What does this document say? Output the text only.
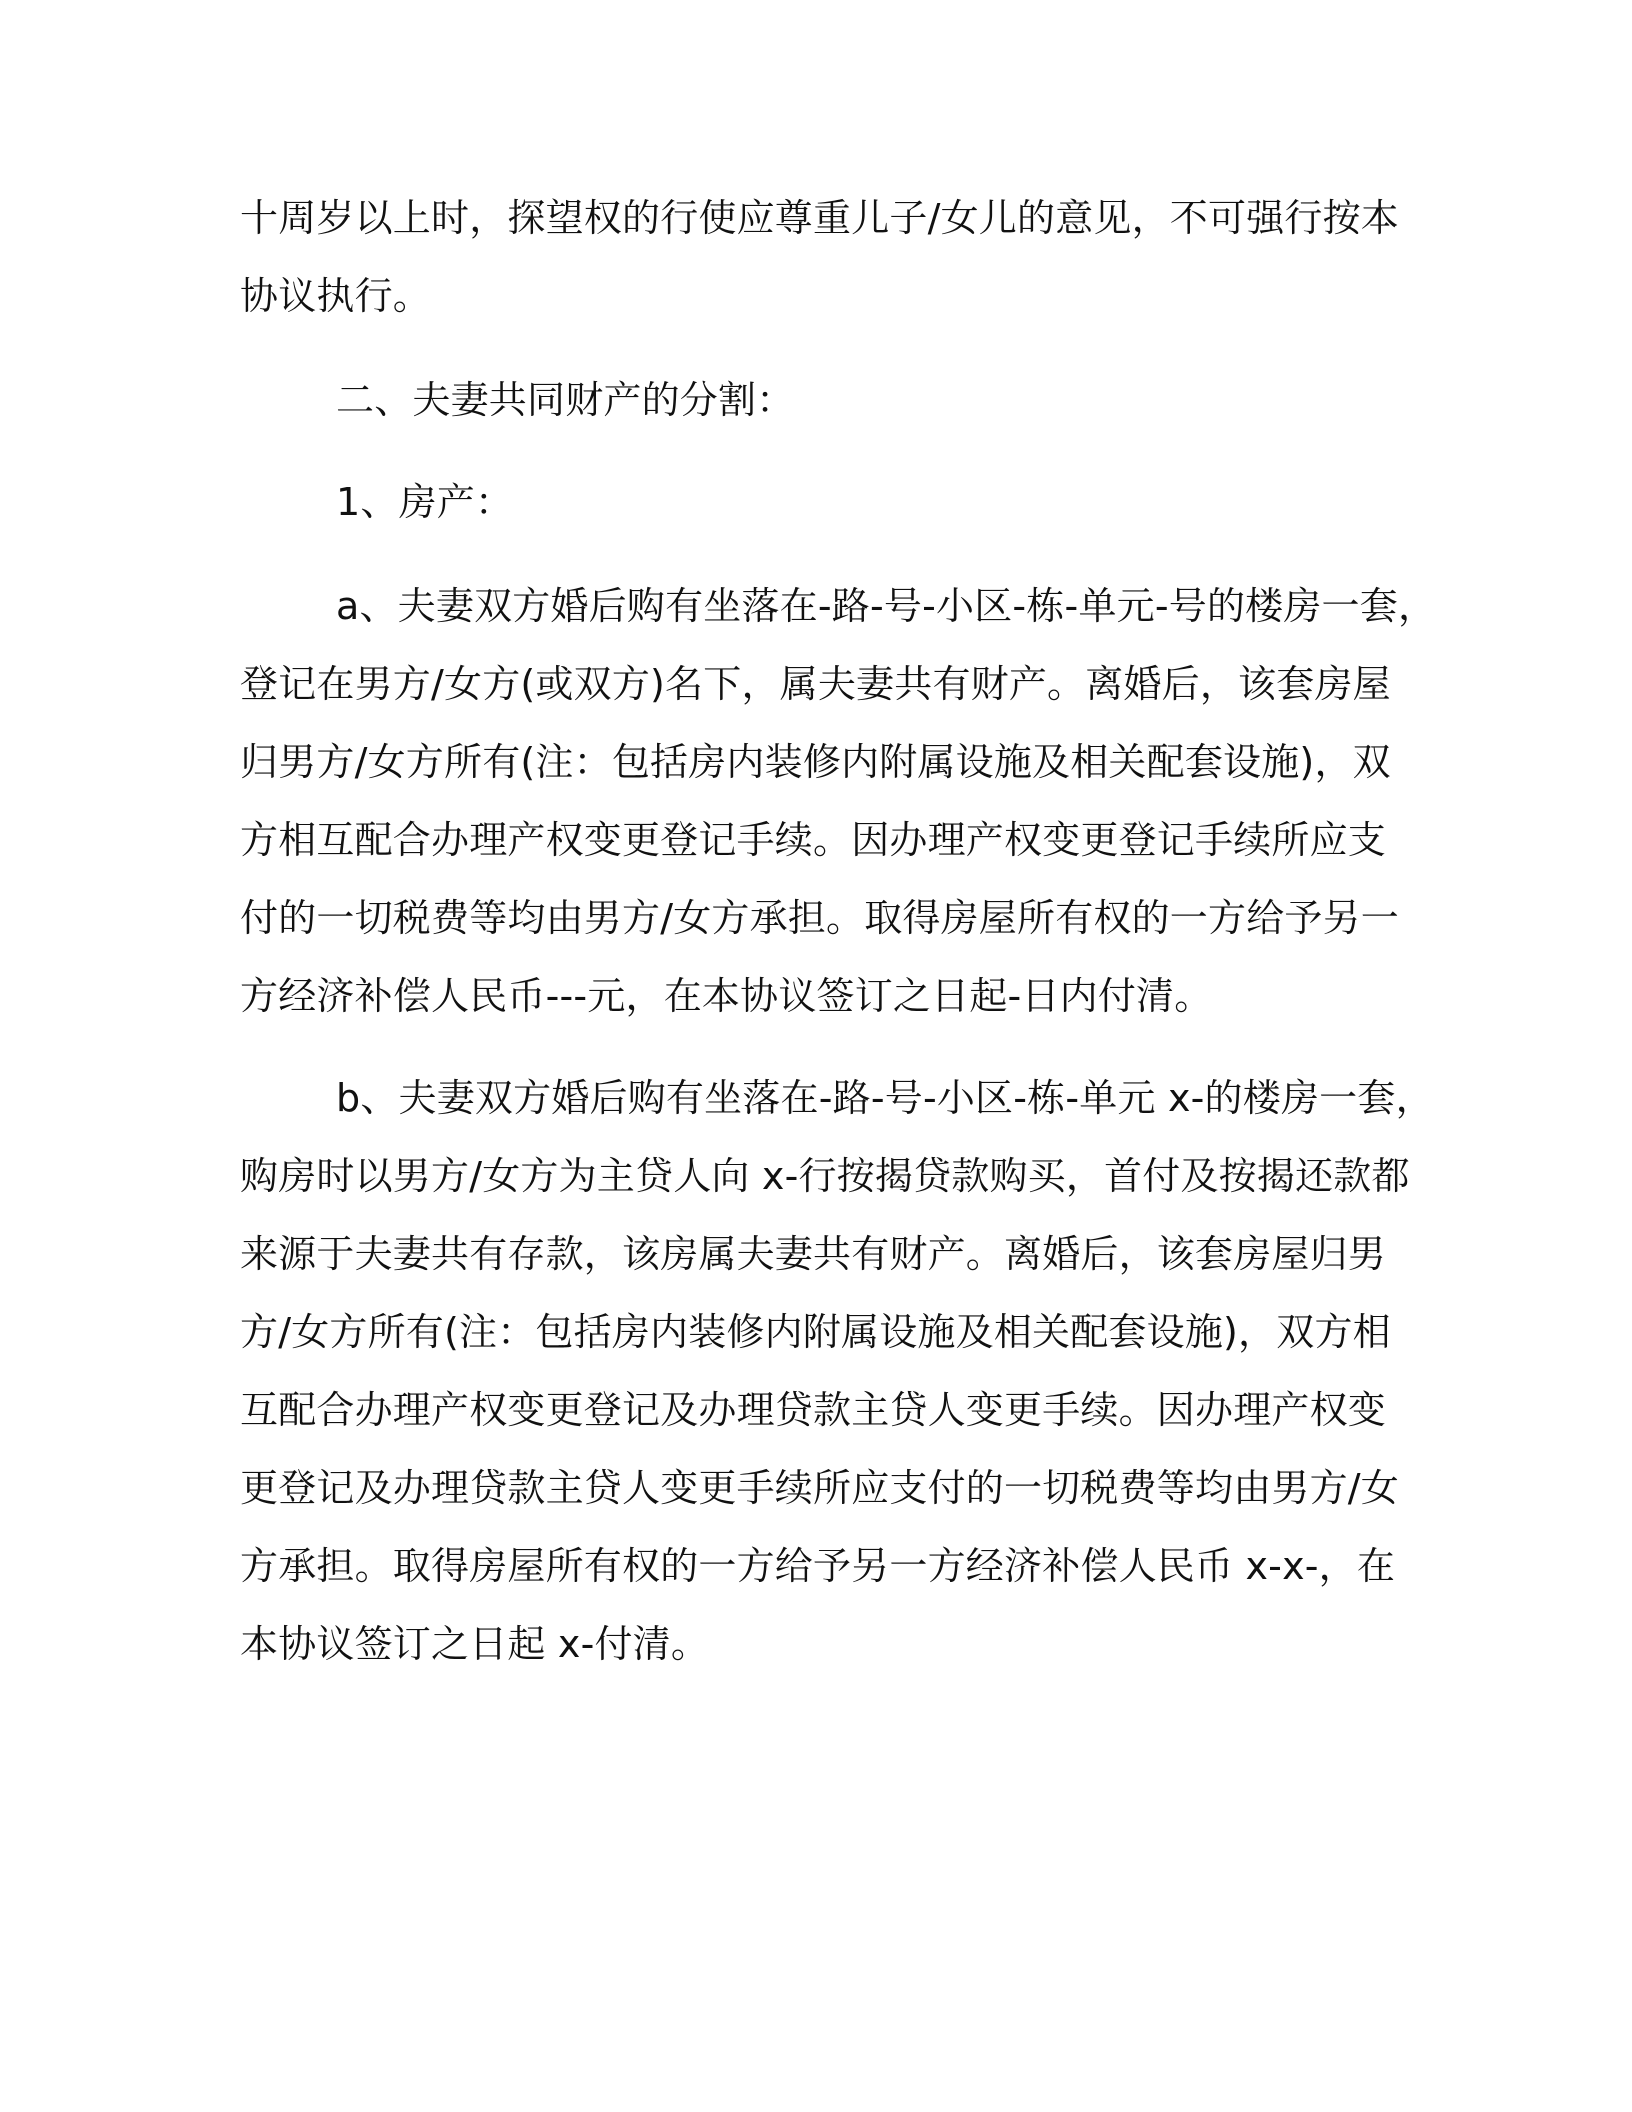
十周岁以上时，探望权的行使应尊重儿子/女儿的意见，不可强行按本

协议执行。

二、夫妻共同财产的分割：

1、房产：

a、夫妻双方婚后购有坐落在-路-号-小区-栋-单元-号的楼房一套，

登记在男方/女方(或双方)名下，属夫妻共有财产。离婚后，该套房屋

归男方/女方所有(注：包括房内装修内附属设施及相关配套设施)，双

方相互配合办理产权变更登记手续。因办理产权变更登记手续所应支

付的一切税费等均由男方/女方承担。取得房屋所有权的一方给予另一

方经济补偿人民币---元，在本协议签订之日起-日内付清。

b、夫妻双方婚后购有坐落在-路-号-小区-栋-单元 x-的楼房一套，

购房时以男方/女方为主贷人向 x-行按揭贷款购买，首付及按揭还款都

来源于夫妻共有存款，该房属夫妻共有财产。离婚后，该套房屋归男

方/女方所有(注：包括房内装修内附属设施及相关配套设施)，双方相

互配合办理产权变更登记及办理贷款主贷人变更手续。因办理产权变

更登记及办理贷款主贷人变更手续所应支付的一切税费等均由男方/女

方承担。取得房屋所有权的一方给予另一方经济补偿人民币 x-x-，在

本协议签订之日起 x-付清。
